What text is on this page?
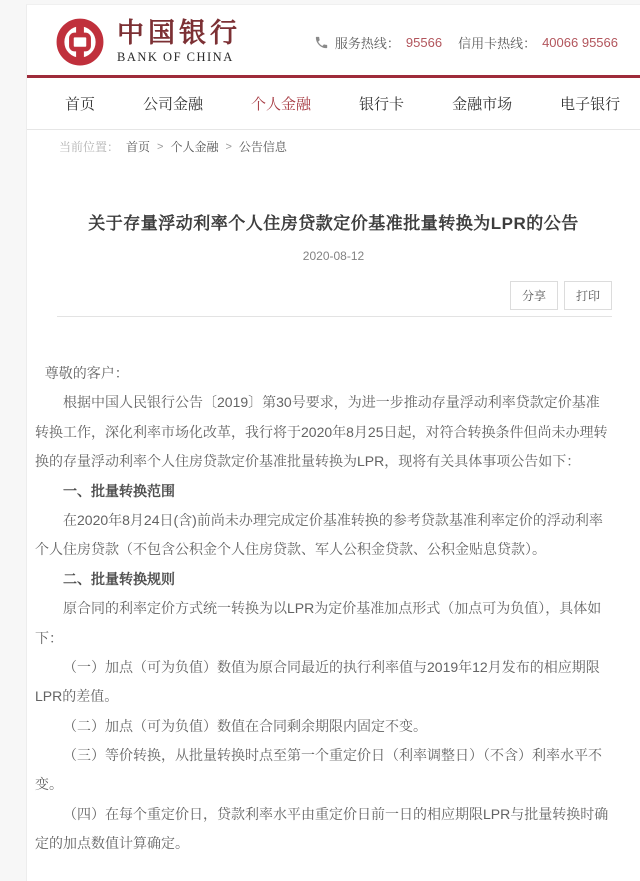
中国银行
BANK OF CHINA
服务热线： 95566 信用卡热线： 40066 95566
首页	公司金融	个人金融	银行卡	金融市场	电子银行
当前位置： 首页 > 个人金融 > 公告信息
关于存量浮动利率个人住房贷款定价基准批量转换为LPR的公告
2020-08-12
分享	打印

尊敬的客户：

根据中国人民银行公告〔2019〕第30号要求，为进一步推动存量浮动利率贷款定价基准转换工作，深化利率市场化改革，我行将于2020年8月25日起，对符合转换条件但尚未办理转换的存量浮动利率个人住房贷款定价基准批量转换为LPR，现将有关具体事项公告如下：

一、批量转换范围

在2020年8月24日(含)前尚未办理完成定价基准转换的参考贷款基准利率定价的浮动利率个人住房贷款（不包含公积金个人住房贷款、军人公积金贷款、公积金贴息贷款）。

二、批量转换规则

原合同的利率定价方式统一转换为以LPR为定价基准加点形式（加点可为负值），具体如下：

（一）加点（可为负值）数值为原合同最近的执行利率值与2019年12月发布的相应期限LPR的差值。

（二）加点（可为负值）数值在合同剩余期限内固定不变。

（三）等价转换，从批量转换时点至第一个重定价日（利率调整日）（不含）利率水平不变。

（四）在每个重定价日，贷款利率水平由重定价日前一日的相应期限LPR与批量转换时确定的加点数值计算确定。
